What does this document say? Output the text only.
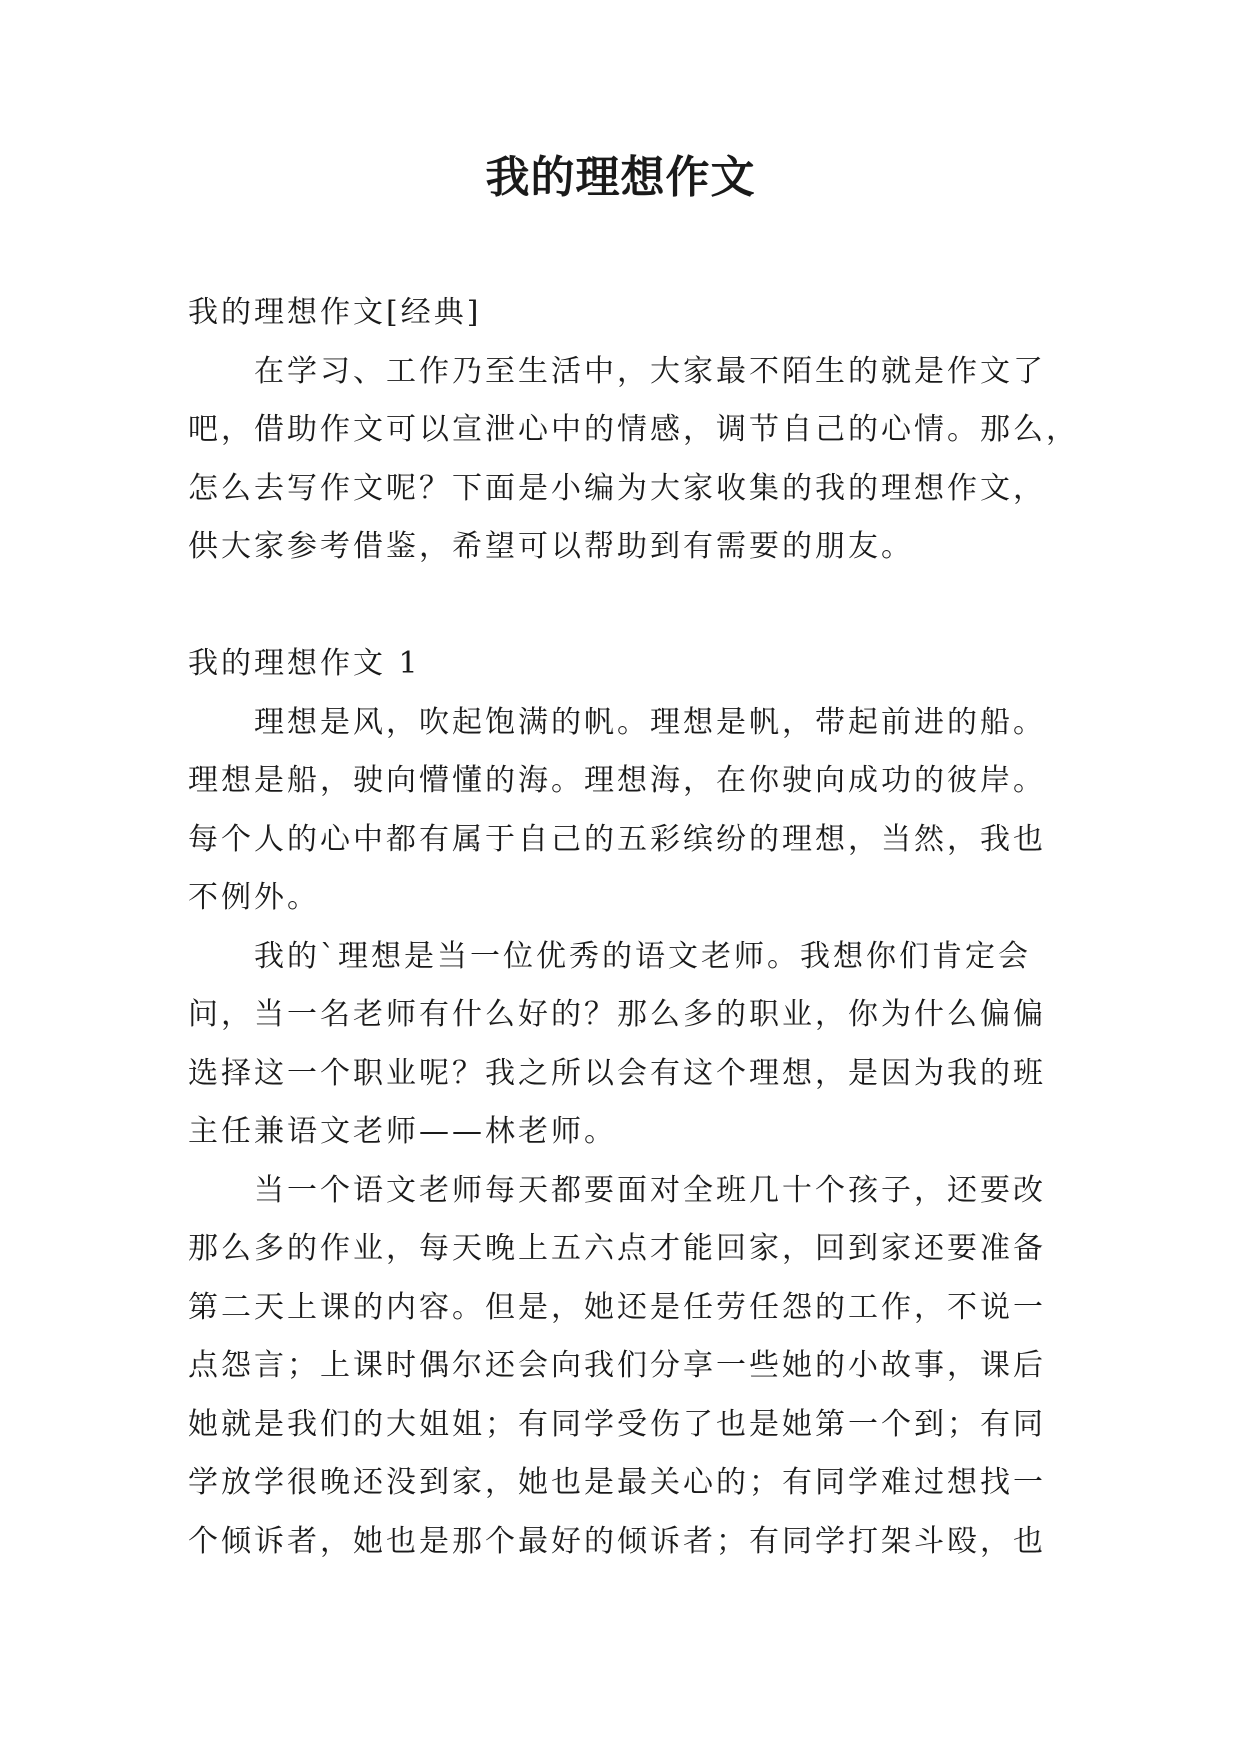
我的理想作文
我的理想作文[经典]
在学习、工作乃至生活中，大家最不陌生的就是作文了
吧，借助作文可以宣泄心中的情感，调节自己的心情。那么，
怎么去写作文呢？下面是小编为大家收集的我的理想作文，
供大家参考借鉴，希望可以帮助到有需要的朋友。
我的理想作文 1
理想是风，吹起饱满的帆。理想是帆，带起前进的船。
理想是船，驶向懵懂的海。理想海，在你驶向成功的彼岸。
每个人的心中都有属于自己的五彩缤纷的理想，当然，我也
不例外。
我的`理想是当一位优秀的语文老师。我想你们肯定会
问，当一名老师有什么好的？那么多的职业，你为什么偏偏
选择这一个职业呢？我之所以会有这个理想，是因为我的班
主任兼语文老师——林老师。
当一个语文老师每天都要面对全班几十个孩子，还要改
那么多的作业，每天晚上五六点才能回家，回到家还要准备
第二天上课的内容。但是，她还是任劳任怨的工作，不说一
点怨言；上课时偶尔还会向我们分享一些她的小故事，课后
她就是我们的大姐姐；有同学受伤了也是她第一个到；有同
学放学很晚还没到家，她也是最关心的；有同学难过想找一
个倾诉者，她也是那个最好的倾诉者；有同学打架斗殴，也
